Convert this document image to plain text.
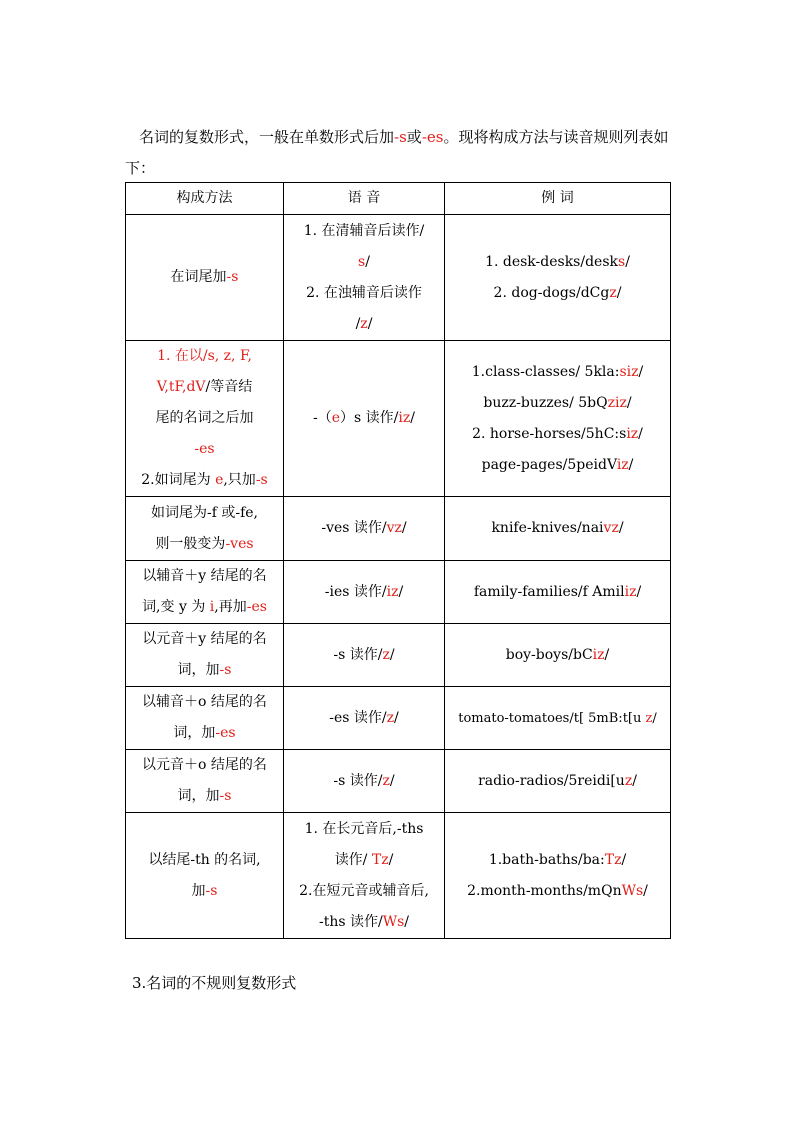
名词的复数形式，一般在单数形式后加-s或-es。现将构成方法与读音规则列表如下：

构成方法	语 音	例 词
在词尾加-s	1. 在清辅音后读作/
s/
2. 在浊辅音后读作
/z/	1. desk-desks/desks/
2. dog-dogs/dCgz/

1. 在以/s, z, F,
V,tF,dV/等音结
尾的名词之后加
-es
2.如词尾为 e,只加-s	-（e）s 读作/iz/	1.class-classes/ 5kla:siz/
buzz-buzzes/ 5bQziz/
2. horse-horses/5hC:siz/
page-pages/5peidViz/

如词尾为-f 或-fe,
则一般变为-ves	-ves 读作/vz/	knife-knives/naivz/

以辅音＋y 结尾的名
词,变 y 为 i,再加-es	-ies 读作/iz/	family-families/f Amiliz/

以元音＋y 结尾的名
词，加-s	-s 读作/z/	boy-boys/bCiz/

以辅音＋o 结尾的名
词，加-es	-es 读作/z/	tomato-tomatoes/t[ 5mB:t[u z/

以元音＋o 结尾的名
词，加-s	-s 读作/z/	radio-radios/5reidi[uz/

以结尾-th 的名词,
加-s	1. 在长元音后,-ths
读作/ Tz/
2.在短元音或辅音后,
-ths 读作/Ws/	1.bath-baths/ba:Tz/
2.month-months/mQnWs/

3.名词的不规则复数形式
